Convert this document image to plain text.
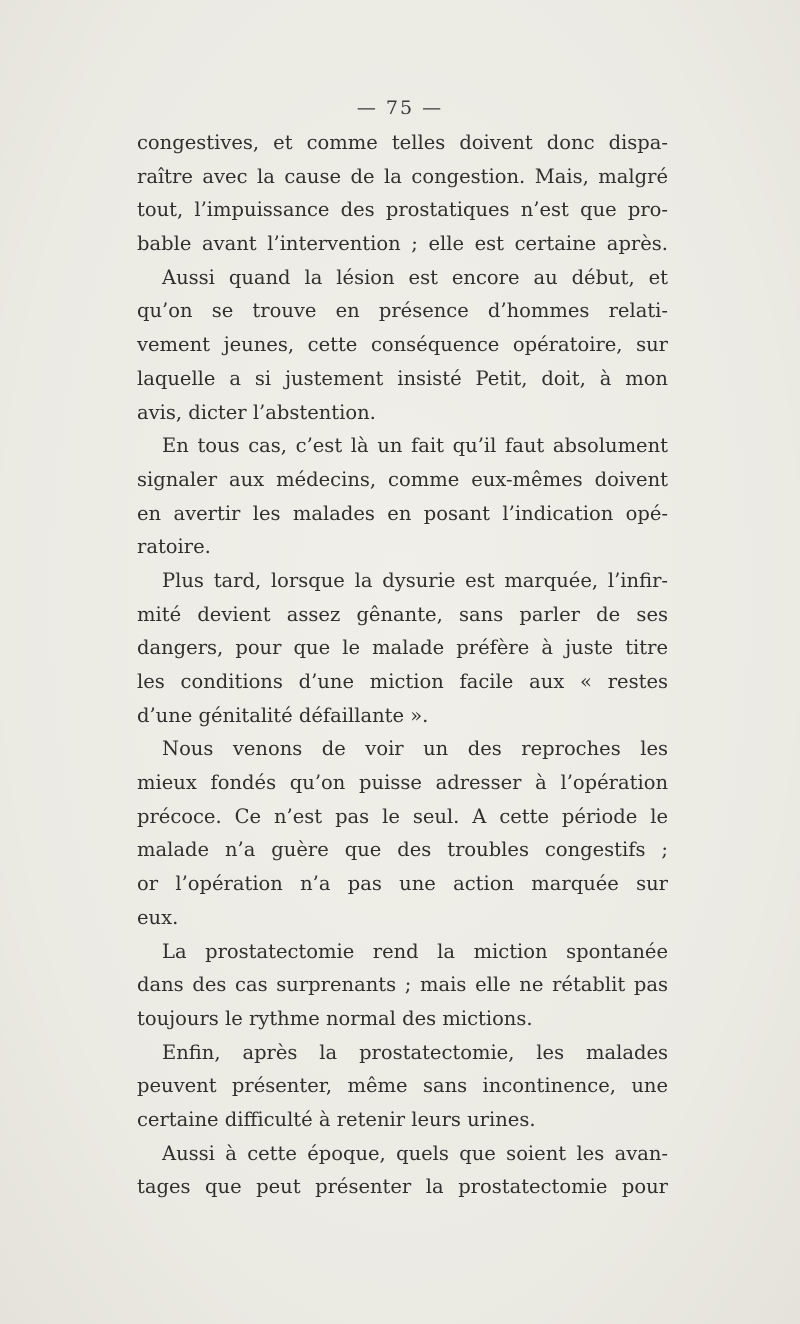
— 75 —
congestives, et comme telles doivent donc dispa-
raître avec la cause de la congestion. Mais, malgré
tout, l’impuissance des prostatiques n’est que pro-
bable avant l’intervention ; elle est certaine après.
Aussi quand la lésion est encore au début, et
qu’on se trouve en présence d’hommes relati-
vement jeunes, cette conséquence opératoire, sur
laquelle a si justement insisté Petit, doit, à mon
avis, dicter l’abstention.
En tous cas, c’est là un fait qu’il faut absolument
signaler aux médecins, comme eux-mêmes doivent
en avertir les malades en posant l’indication opé-
ratoire.
Plus tard, lorsque la dysurie est marquée, l’infir-
mité devient assez gênante, sans parler de ses
dangers, pour que le malade préfère à juste titre
les conditions d’une miction facile aux « restes
d’une génitalité défaillante ».
Nous venons de voir un des reproches les
mieux fondés qu’on puisse adresser à l’opération
précoce. Ce n’est pas le seul. A cette période le
malade n’a guère que des troubles congestifs ;
or l’opération n’a pas une action marquée sur
eux.
La prostatectomie rend la miction spontanée
dans des cas surprenants ; mais elle ne rétablit pas
toujours le rythme normal des mictions.
Enfin, après la prostatectomie, les malades
peuvent présenter, même sans incontinence, une
certaine difficulté à retenir leurs urines.
Aussi à cette époque, quels que soient les avan-
tages que peut présenter la prostatectomie pour
